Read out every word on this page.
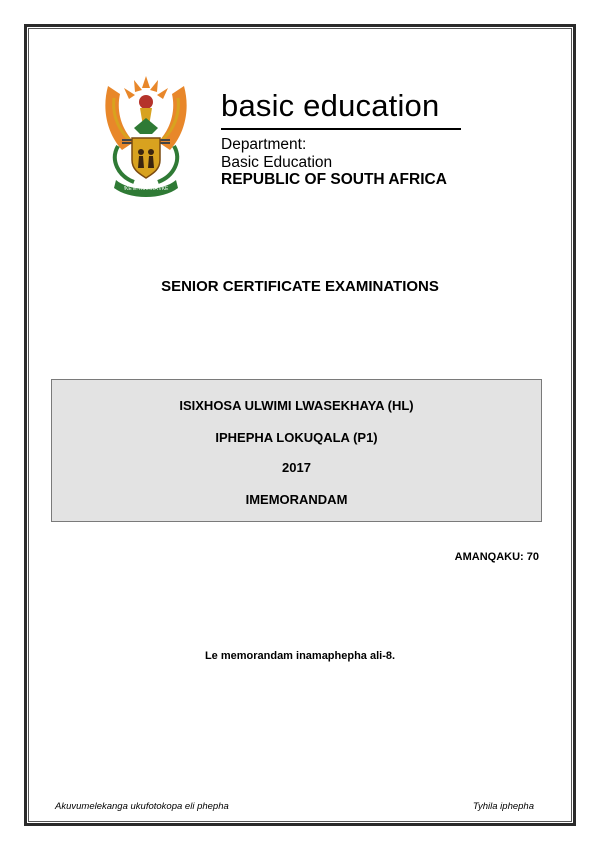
!KE E: /XARRA //KE
basic education
Department:
Basic Education
REPUBLIC OF SOUTH AFRICA
SENIOR CERTIFICATE EXAMINATIONS
ISIXHOSA ULWIMI LWASEKHAYA (HL)
IPHEPHA LOKUQALA (P1)
2017
IMEMORANDAM
AMANQAKU: 70
Le memorandam inamaphepha ali-8.
Akuvumelekanga ukufotokopa eli phepha	Tyhila iphepha
